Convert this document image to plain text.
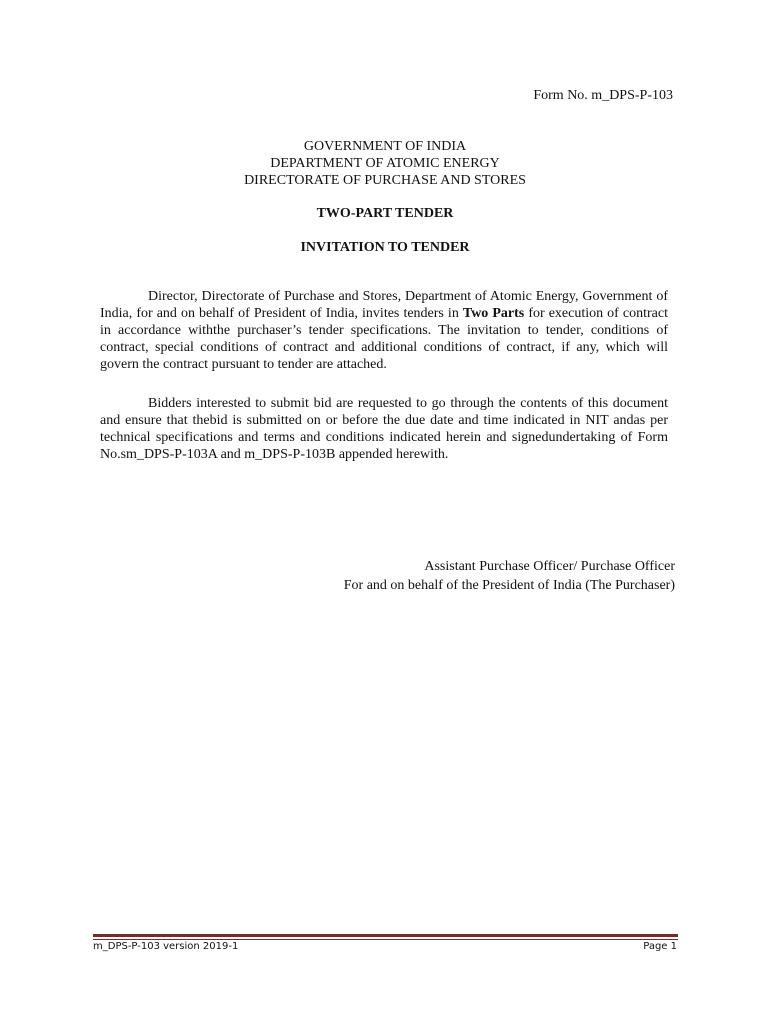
Form No. m_DPS-P-103
GOVERNMENT OF INDIA
DEPARTMENT OF ATOMIC ENERGY
DIRECTORATE OF PURCHASE AND STORES
TWO-PART TENDER
INVITATION TO TENDER
Director, Directorate of Purchase and Stores, Department of Atomic Energy, Government of India, for and on behalf of President of India, invites tenders in Two Parts for execution of contract in accordance withthe purchaser’s tender specifications. The invitation to tender, conditions of contract, special conditions of contract and additional conditions of contract, if any, which will govern the contract pursuant to tender are attached.
Bidders interested to submit bid are requested to go through the contents of this document and ensure that thebid is submitted on or before the due date and time indicated in NIT andas per technical specifications and terms and conditions indicated herein and signedundertaking of Form No.sm_DPS-P-103A and m_DPS-P-103B appended herewith.
Assistant Purchase Officer/ Purchase Officer
For and on behalf of the President of India (The Purchaser)
m_DPS-P-103 version 2019-1	Page 1
